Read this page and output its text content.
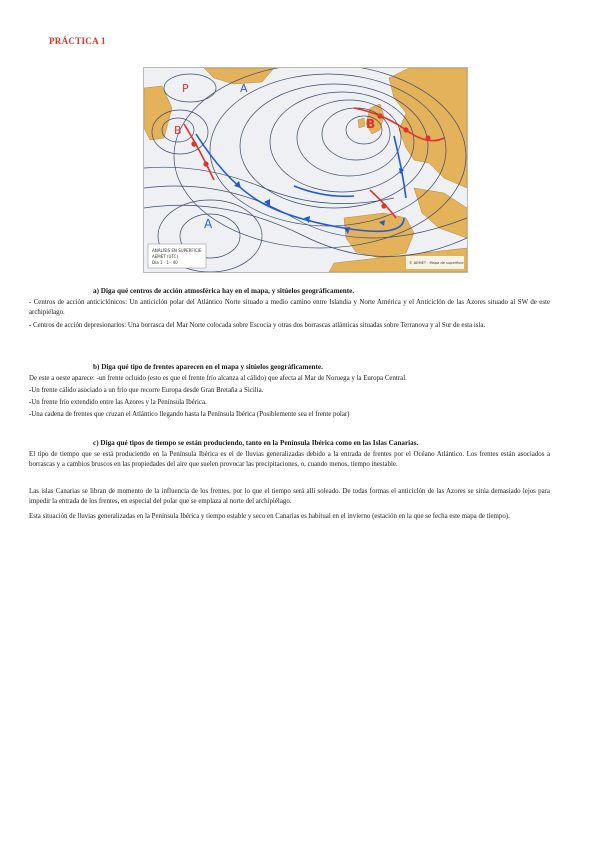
PRÁCTICA 1
P
B
B
A
A
ANÁLISIS EN SUPERFICIE
AEMET (UTC)
Día 1 · 1 · 40	© AEMET · Mapa de superficie
a) Diga qué centros de acción atmosférica hay en el mapa, y sitúelos geográficamente.

- Centros de acción anticiclónicos: Un anticiclón polar del Atlántico Norte situado a medio camino entre Islandia y Norte América y el Anticiclón de las Azores situado al SW de este archipiélago.

- Centros de acción depresionarios: Una borrasca del Mar Norte colocada sobre Escocia y otras dos borrascas atlánticas situadas sobre Terranova y al Sur de esta isla.

b) Diga qué tipo de frentes aparecen en el mapa y sitúelos geográficamente.

De este a oeste aparece: -un frente ocluido (esto es que el frente frío alcanza al cálido) que afecta al Mar de Noruega y la Europa Central.

-Un frente cálido asociado a un frío que recorre Europa desde Gran Bretaña a Sicilia.

-Un frente frío extendido entre las Azores y la Península Ibérica.

-Una cadena de frentes que cruzan el Atlántico llegando hasta la Península Ibérica (Posiblemente sea el frente polar)

c) Diga qué tipos de tiempo se están produciendo, tanto en la Península Ibérica como en las Islas Canarias.

El tipo de tiempo que se está produciendo en la Península Ibérica es el de lluvias generalizadas debido a la entrada de frentes por el Océano Atlántico. Los frentes están asociados a borrascas y a cambios bruscos en las propiedades del aire que suelen provocar las precipitaciones, o, cuando menos, tiempo inestable.

Las islas Canarias se libran de momento de la influencia de los frentes, por lo que el tiempo será allí soleado. De todas formas el anticiclón de las Azores se sitúa demasiado lejos para impedir la entrada de los frentes, en especial del polar que se emplaza al norte del archipiélago.

Esta situación de lluvias generalizadas en la Península Ibérica y tiempo estable y seco en Canarias es habitual en el invierno (estación en la que se fecha este mapa de tiempo).
